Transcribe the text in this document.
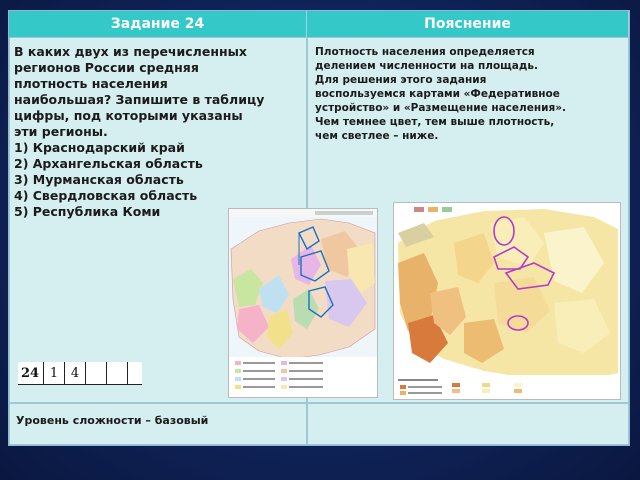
Задание 24	Пояснение
В каких двух из перечисленных
регионов России средняя
плотность населения
наибольшая? Запишите в таблицу
цифры, под которыми указаны
эти регионы.
1) Краснодарский край
2) Архангельская область
3) Мурманская область
4) Свердловская область
5) Республика Коми
Плотность населения определяется
делением численности на площадь.
Для решения этого задания
воспользуемся картами «Федеративное
устройство» и «Размещение населения».
Чем темнее цвет, тем выше плотность,
чем светлее – ниже.
Уровень сложности – базовый
24 1 4
